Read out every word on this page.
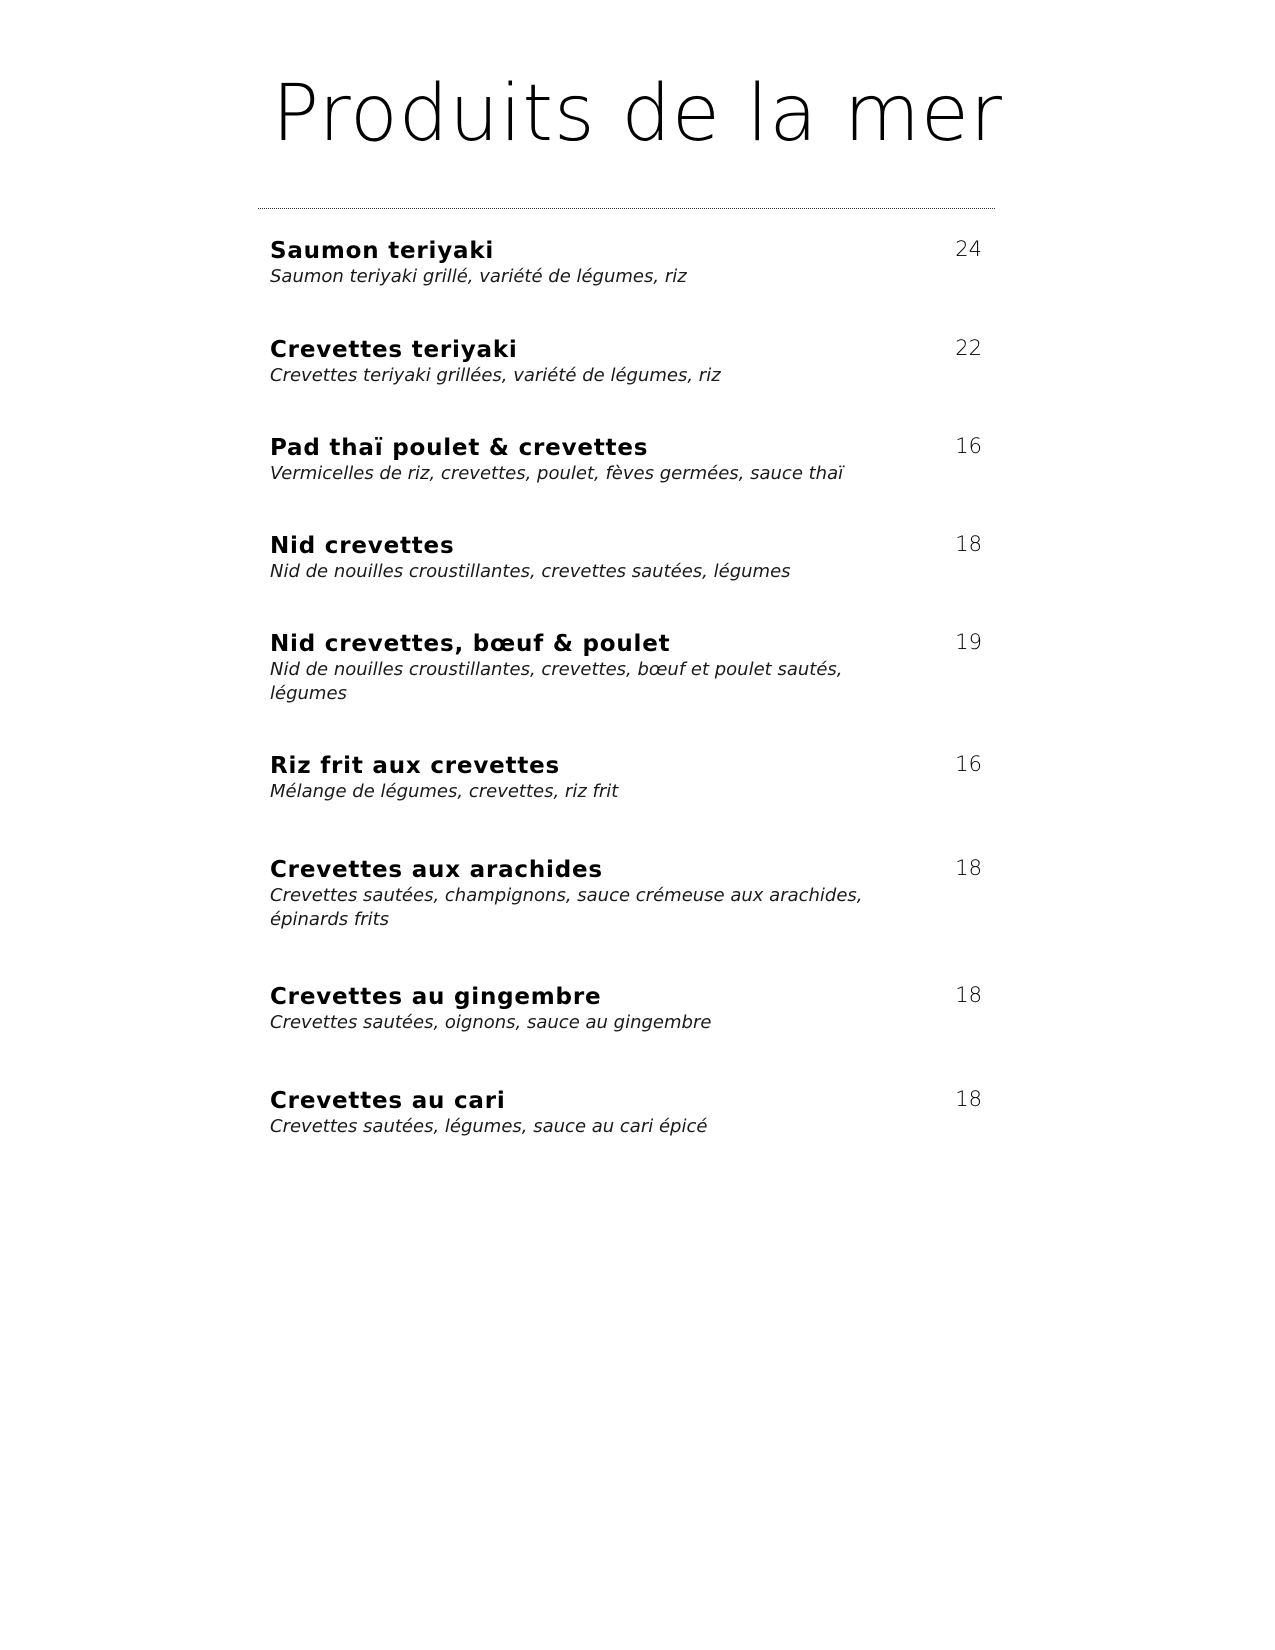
Produits de la mer
Saumon teriyaki
Saumon teriyaki grillé, variété de légumes, riz
24
Crevettes teriyaki
Crevettes teriyaki grillées, variété de légumes, riz
22
Pad thaï poulet & crevettes
Vermicelles de riz, crevettes, poulet, fèves germées, sauce thaï
16
Nid crevettes
Nid de nouilles croustillantes, crevettes sautées, légumes
18
Nid crevettes, bœuf & poulet
Nid de nouilles croustillantes, crevettes, bœuf et poulet sautés, légumes
19
Riz frit aux crevettes
Mélange de légumes, crevettes, riz frit
16
Crevettes aux arachides
Crevettes sautées, champignons, sauce crémeuse aux arachides, épinards frits
18
Crevettes au gingembre
Crevettes sautées, oignons, sauce au gingembre
18
Crevettes au cari
Crevettes sautées, légumes, sauce au cari épicé
18
